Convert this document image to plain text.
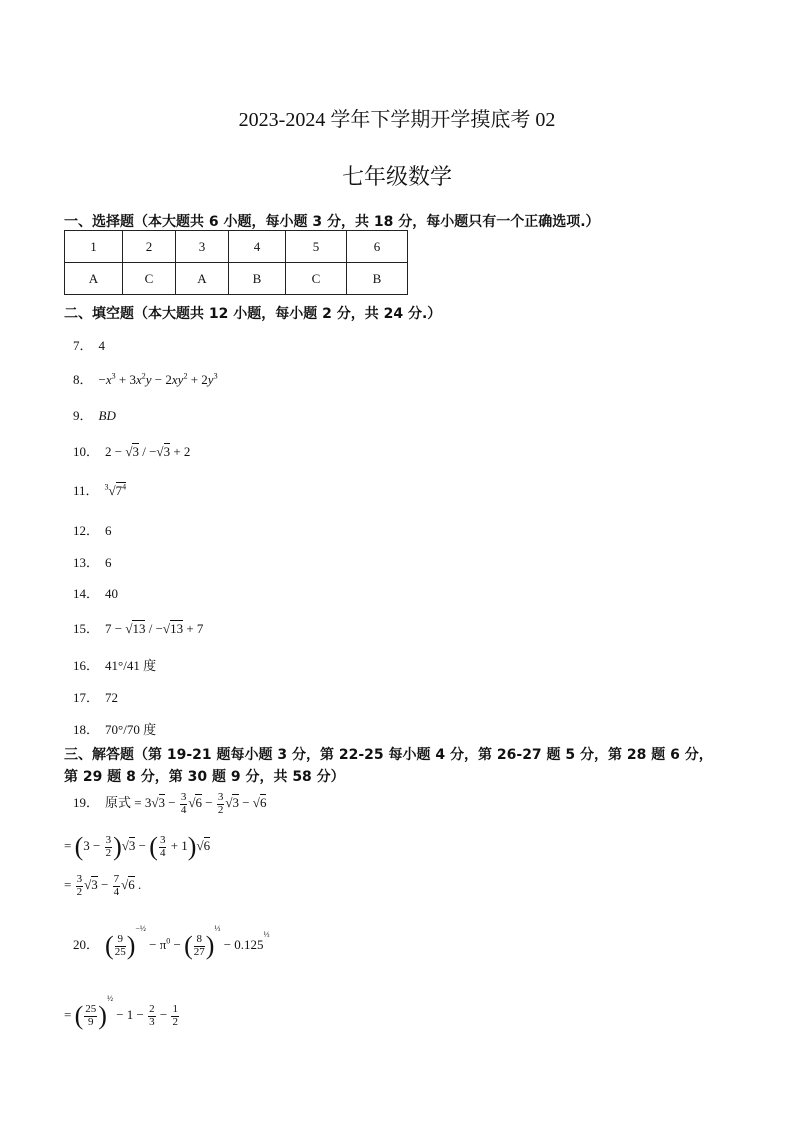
2023-2024 学年下学期开学摸底考 02
七年级数学
一、选择题（本大题共 6 小题，每小题 3 分，共 18 分，每小题只有一个正确选项.）
1	2	3	4	5	6
A	C	A	B	C	B
二、填空题（本大题共 12 小题，每小题 2 分，共 24 分.）
7． 4
8． $-x^3 + 3x^2y - 2xy^2 + 2y^3$
9． BD
10． 2 − √3 / −√3 + 2
11． $^3√7^4$
12． 6
13． 6
14． 40
15． 7 − √13 / −√13 + 7
16． 41°/41 度
17． 72
18． 70°/70 度
三、解答题（第 19-21 题每小题 3 分，第 22-25 每小题 4 分，第 26-27 题 5 分，第 28 题 6 分，
第 29 题 8 分，第 30 题 9 分，共 58 分）
19． 原式 = $3√3 - \frac{3}{4} √6 - \frac{3}{2} √3 - √6$
= $(3 - \frac{3}{2} )√3$ − ( $\frac{3}{4} + 1)√6$
= $\frac{3}{2} √3 - \frac{7}{4} √6$ .
20． ( $\frac{9}{25} )^{-\frac{1}{2}} - \pi^0$ − ( $\frac{8}{27} )^{\frac{1}{3}} - 0.125^{\frac{1}{3}}$
= ( $\frac{25}{9} )^{\frac{1}{2}} - 1 - \frac{2}{3} - \frac{1}{2}$
